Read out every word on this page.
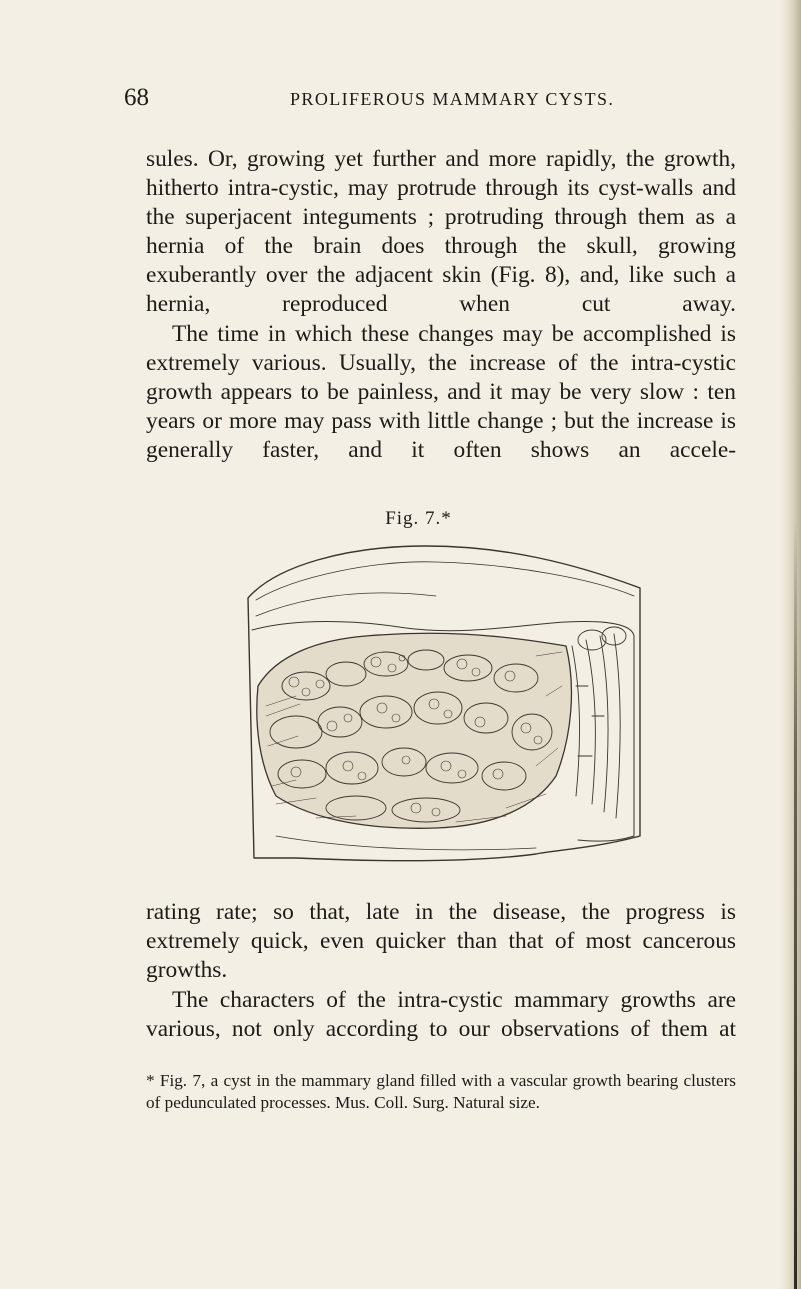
68	PROLIFEROUS MAMMARY CYSTS.

sules. Or, growing yet further and more rapidly, the growth, hitherto intra-cystic, may protrude through its cyst-walls and the superjacent integuments ; protruding through them as a hernia of the brain does through the skull, growing exuberantly over the adjacent skin (Fig. 8), and, like such a hernia, reproduced when cut away.

The time in which these changes may be accomplished is extremely various. Usually, the increase of the intra-cystic growth appears to be painless, and it may be very slow : ten years or more may pass with little change ; but the increase is generally faster, and it often shows an accele-

Fig. 7.*

rating rate; so that, late in the disease, the progress is extremely quick, even quicker than that of most cancerous growths.

The characters of the intra-cystic mammary growths are various, not only according to our observations of them at

* Fig. 7, a cyst in the mammary gland filled with a vascular growth bearing clusters of pedunculated processes. Mus. Coll. Surg. Natural size.
